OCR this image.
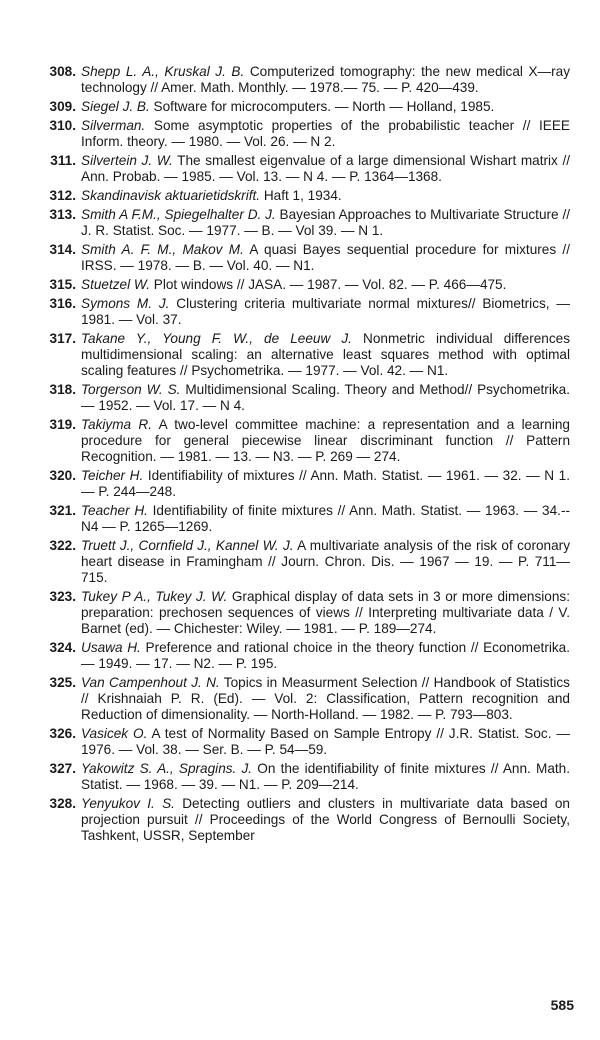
308. Shepp L. A., Kruskal J. B. Computerized tomography: the new medical X—ray technology // Amer. Math. Monthly. — 1978.— 75. — P. 420—439.
309. Siegel J. B. Software for microcomputers. — North — Holland, 1985.
310. Silverman. Some asymptotic properties of the probabilistic teacher // IEEE Inform. theory. — 1980. — Vol. 26. — N 2.
311. Silvertein J. W. The smallest eigenvalue of a large dimensional Wishart matrix // Ann. Probab. — 1985. — Vol. 13. — N 4. — P. 1364—1368.
312. Skandinavisk aktuarietidskrift. Haft 1, 1934.
313. Smith A F.M., Spiegelhalter D. J. Bayesian Approaches to Multivariate Structure // J. R. Statist. Soc. — 1977. — B. — Vol 39. — N 1.
314. Smith A. F. M., Makov M. A quasi Bayes sequential procedure for mixtures // IRSS. — 1978. — B. — Vol. 40. — N1.
315. Stuetzel W. Plot windows // JASA. — 1987. — Vol. 82. — P. 466—475.
316. Symons M. J. Clustering criteria multivariate normal mixtures// Biometrics, — 1981. — Vol. 37.
317. Takane Y., Young F. W., de Leeuw J. Nonmetric individual differences multidimensional scaling: an alternative least squares method with optimal scaling features // Psychometrika. — 1977. — Vol. 42. — N1.
318. Torgerson W. S. Multidimensional Scaling. Theory and Method// Psychometrika. — 1952. — Vol. 17. — N 4.
319. Takiyma R. A two-level committee machine: a representation and a learning procedure for general piecewise linear discriminant function // Pattern Recognition. — 1981. — 13. — N3. — P. 269 — 274.
320. Teicher H. Identifiability of mixtures // Ann. Math. Statist. — 1961. — 32. — N 1. — P. 244—248.
321. Teacher H. Identifiability of finite mixtures // Ann. Math. Statist. — 1963. — 34.-- N4 — P. 1265—1269.
322. Truett J., Cornfield J., Kannel W. J. A multivariate analysis of the risk of coronary heart disease in Framingham // Journ. Chron. Dis. — 1967 — 19. — P. 711—715.
323. Tukey P A., Tukey J. W. Graphical display of data sets in 3 or more dimensions: preparation: prechosen sequences of views // Interpreting multivariate data / V. Barnet (ed). — Chichester: Wiley. — 1981. — P. 189—274.
324. Usawa H. Preference and rational choice in the theory function // Econometrika. — 1949. — 17. — N2. — P. 195.
325. Van Campenhout J. N. Topics in Measurment Selection // Handbook of Statistics // Krishnaiah P. R. (Ed). — Vol. 2: Classification, Pattern recognition and Reduction of dimensionality. — North-Holland. — 1982. — P. 793—803.
326. Vasicek O. A test of Normality Based on Sample Entropy // J.R. Statist. Soc. — 1976. — Vol. 38. — Ser. B. — P. 54—59.
327. Yakowitz S. A., Spragins. J. On the identifiability of finite mixtures // Ann. Math. Statist. — 1968. — 39. — N1. — P. 209—214.
328. Yenyukov I. S. Detecting outliers and clusters in multivariate data based on projection pursuit // Proceedings of the World Congress of Bernoulli Society, Tashkent, USSR, September
585
